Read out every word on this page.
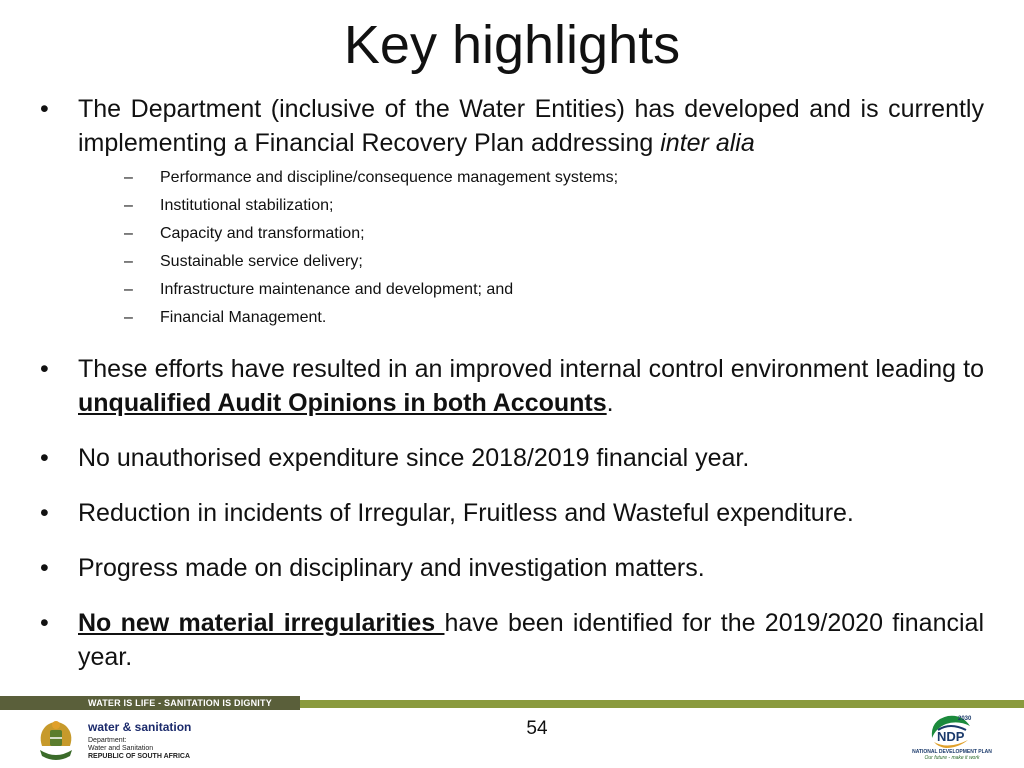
Key highlights
• The Department (inclusive of the Water Entities) has developed and is currently implementing a Financial Recovery Plan addressing inter alia
– Performance and discipline/consequence management systems;
– Institutional stabilization;
– Capacity and transformation;
– Sustainable service delivery;
– Infrastructure maintenance and development; and
– Financial Management.
• These efforts have resulted in an improved internal control environment leading to unqualified Audit Opinions in both Accounts.
• No unauthorised expenditure since 2018/2019 financial year.
• Reduction in incidents of Irregular, Fruitless and Wasteful expenditure.
• Progress made on disciplinary and investigation matters.
• No new material irregularities have been identified for the 2019/2020 financial year.
WATER IS LIFE - SANITATION IS DIGNITY
54
water & sanitation
Department:
Water and Sanitation
REPUBLIC OF SOUTH AFRICA
2030
NDP
NATIONAL DEVELOPMENT PLAN
Our future - make it work
